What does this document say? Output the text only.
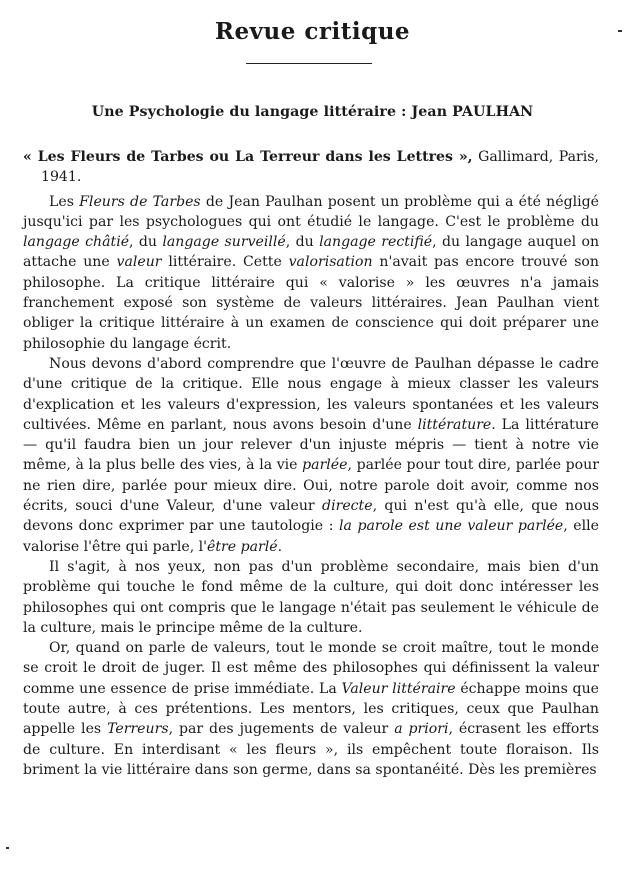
Revue critique
Une Psychologie du langage littéraire : Jean PAULHAN

« Les Fleurs de Tarbes ou La Terreur dans les Lettres », Gallimard, Paris, 1941.

Les Fleurs de Tarbes de Jean Paulhan posent un problème qui a été négligé jusqu'ici par les psychologues qui ont étudié le langage. C'est le problème du langage châtié, du langage surveillé, du langage rectifié, du langage auquel on attache une valeur littéraire. Cette valorisation n'avait pas encore trouvé son philosophe. La critique littéraire qui « valorise » les œuvres n'a jamais franchement exposé son système de valeurs littéraires. Jean Paulhan vient obliger la critique littéraire à un examen de conscience qui doit préparer une philosophie du langage écrit.

Nous devons d'abord comprendre que l'œuvre de Paulhan dépasse le cadre d'une critique de la critique. Elle nous engage à mieux classer les valeurs d'explication et les valeurs d'expression, les valeurs spontanées et les valeurs cultivées. Même en parlant, nous avons besoin d'une littérature. La littérature — qu'il faudra bien un jour relever d'un injuste mépris — tient à notre vie même, à la plus belle des vies, à la vie parlée, parlée pour tout dire, parlée pour ne rien dire, parlée pour mieux dire. Oui, notre parole doit avoir, comme nos écrits, souci d'une Valeur, d'une valeur directe, qui n'est qu'à elle, que nous devons donc exprimer par une tautologie : la parole est une valeur parlée, elle valorise l'être qui parle, l'être parlé.

Il s'agit, à nos yeux, non pas d'un problème secondaire, mais bien d'un problème qui touche le fond même de la culture, qui doit donc intéresser les philosophes qui ont compris que le langage n'était pas seulement le véhicule de la culture, mais le principe même de la culture.

Or, quand on parle de valeurs, tout le monde se croit maître, tout le monde se croit le droit de juger. Il est même des philosophes qui définissent la valeur comme une essence de prise immédiate. La Valeur littéraire échappe moins que toute autre, à ces prétentions. Les mentors, les critiques, ceux que Paulhan appelle les Terreurs, par des jugements de valeur a priori, écrasent les efforts de culture. En interdisant « les fleurs », ils empêchent toute floraison. Ils briment la vie littéraire dans son germe, dans sa spontanéité. Dès les premières
